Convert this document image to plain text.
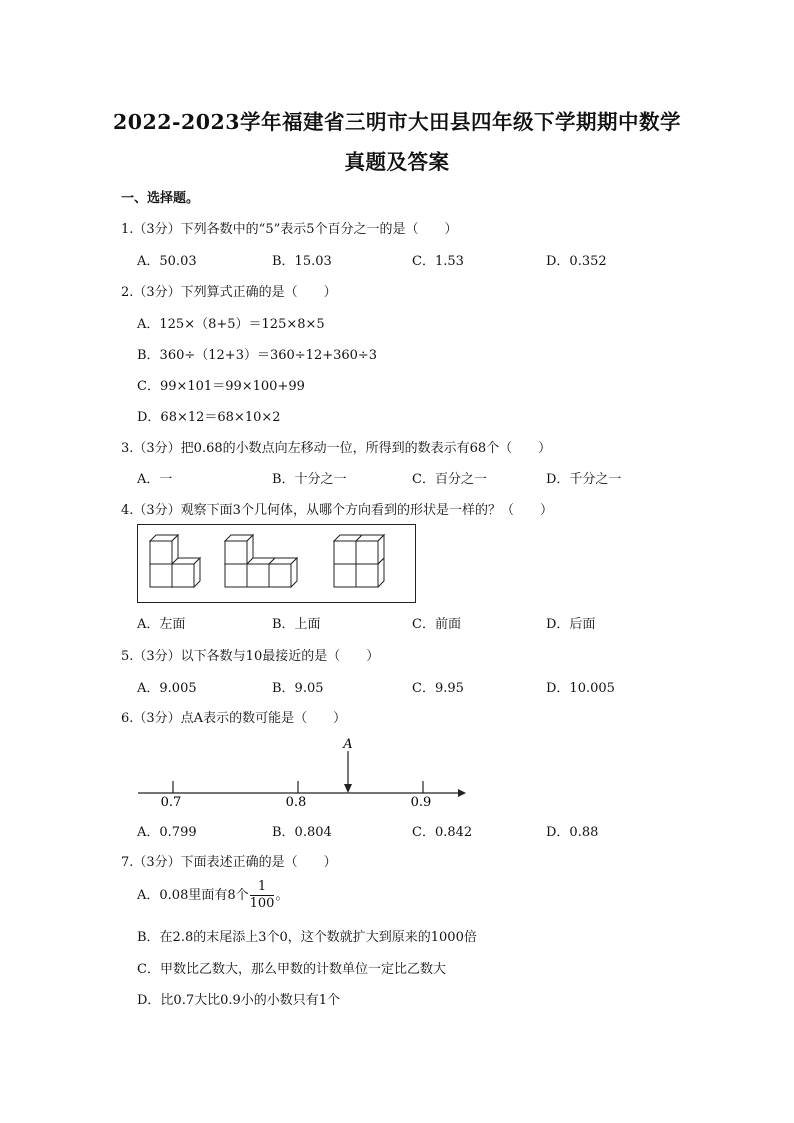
2022-2023学年福建省三明市大田县四年级下学期期中数学
真题及答案
一、选择题。
1.（3分）下列各数中的“5”表示5个百分之一的是（　　）
A．50.03	B．15.03	C．1.53	D．0.352
2.（3分）下列算式正确的是（　　）
A．125×（8+5）＝125×8×5
B．360÷（12+3）＝360÷12+360÷3
C．99×101＝99×100+99
D．68×12＝68×10×2
3.（3分）把0.68的小数点向左移动一位，所得到的数表示有68个（　　）
A．一	B．十分之一	C．百分之一	D．千分之一
4.（3分）观察下面3个几何体，从哪个方向看到的形状是一样的？（　　）
A．左面	B．上面	C．前面	D．后面
5.（3分）以下各数与10最接近的是（　　）
A．9.005	B．9.05	C．9.95	D．10.005
6.（3分）点A表示的数可能是（　　）
A
0.7	0.8	0.9
A．0.799	B．0.804	C．0.842	D．0.88
7.（3分）下面表述正确的是（　　）
A．0.08里面有8个 $\frac{1}{100}$ 。
B．在2.8的末尾添上3个0，这个数就扩大到原来的1000倍
C．甲数比乙数大，那么甲数的计数单位一定比乙数大
D．比0.7大比0.9小的小数只有1个
